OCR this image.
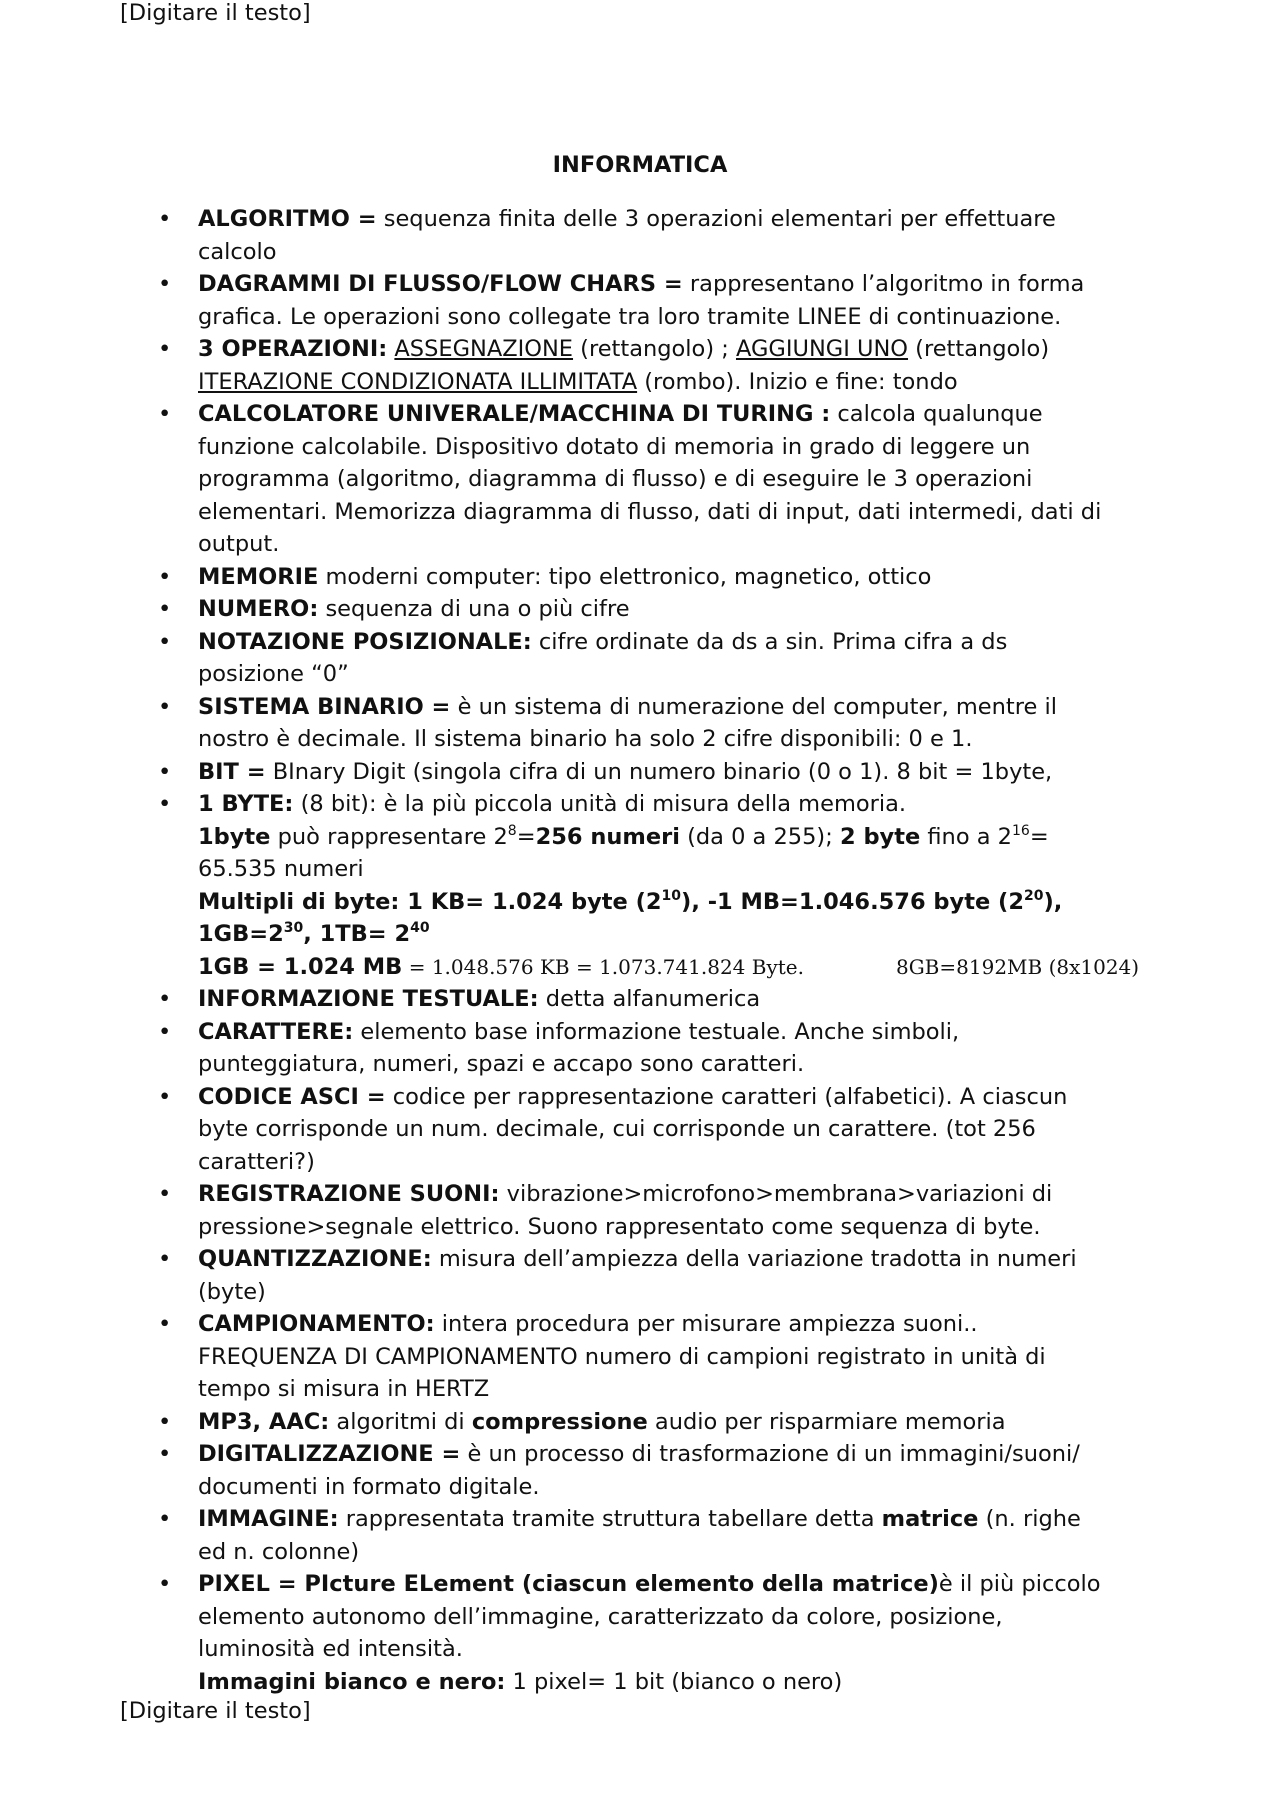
[Digitare il testo]
INFORMATICA
• ALGORITMO = sequenza finita delle 3 operazioni elementari per effettuare
calcolo
• DAGRAMMI DI FLUSSO/FLOW CHARS = rappresentano l’algoritmo in forma
grafica. Le operazioni sono collegate tra loro tramite LINEE di continuazione.
• 3 OPERAZIONI: ASSEGNAZIONE (rettangolo) ; AGGIUNGI UNO (rettangolo)
ITERAZIONE CONDIZIONATA ILLIMITATA (rombo). Inizio e fine: tondo
• CALCOLATORE UNIVERALE/MACCHINA DI TURING : calcola qualunque
funzione calcolabile. Dispositivo dotato di memoria in grado di leggere un
programma (algoritmo, diagramma di flusso) e di eseguire le 3 operazioni
elementari. Memorizza diagramma di flusso, dati di input, dati intermedi, dati di
output.
• MEMORIE moderni computer: tipo elettronico, magnetico, ottico
• NUMERO: sequenza di una o più cifre
• NOTAZIONE POSIZIONALE: cifre ordinate da ds a sin. Prima cifra a ds
posizione “0”
• SISTEMA BINARIO = è un sistema di numerazione del computer, mentre il
nostro è decimale. Il sistema binario ha solo 2 cifre disponibili: 0 e 1.
• BIT = BInary Digit (singola cifra di un numero binario (0 o 1). 8 bit = 1byte,
• 1 BYTE: (8 bit): è la più piccola unità di misura della memoria.
1byte può rappresentare $2^8=256$ numeri (da 0 a 255); 2 byte fino a $2^{16}=$
65.535 numeri
Multipli di byte: 1 KB= 1.024 byte $(2^{10})$, -1 MB=1.046.576 byte $(2^{20})$,
$1GB=2^{30}$, $1TB= 2^{40}$
1GB = 1.024 MB = 1.048.576 KB = 1.073.741.824 Byte.	8GB=8192MB (8x1024)
• INFORMAZIONE TESTUALE: detta alfanumerica
• CARATTERE: elemento base informazione testuale. Anche simboli,
punteggiatura, numeri, spazi e accapo sono caratteri.
• CODICE ASCI = codice per rappresentazione caratteri (alfabetici). A ciascun
byte corrisponde un num. decimale, cui corrisponde un carattere. (tot 256
caratteri?)
• REGISTRAZIONE SUONI: vibrazione>microfono>membrana>variazioni di
pressione>segnale elettrico. Suono rappresentato come sequenza di byte.
• QUANTIZZAZIONE: misura dell’ampiezza della variazione tradotta in numeri
(byte)
• CAMPIONAMENTO: intera procedura per misurare ampiezza suoni..
FREQUENZA DI CAMPIONAMENTO numero di campioni registrato in unità di
tempo si misura in HERTZ
• MP3, AAC: algoritmi di compressione audio per risparmiare memoria
• DIGITALIZZAZIONE = è un processo di trasformazione di un immagini/suoni/
documenti in formato digitale.
• IMMAGINE: rappresentata tramite struttura tabellare detta matrice (n. righe
ed n. colonne)
• PIXEL = PIcture ELement (ciascun elemento della matrice)è il più piccolo
elemento autonomo dell’immagine, caratterizzato da colore, posizione,
luminosità ed intensità.
Immagini bianco e nero: 1 pixel= 1 bit (bianco o nero)
[Digitare il testo]
